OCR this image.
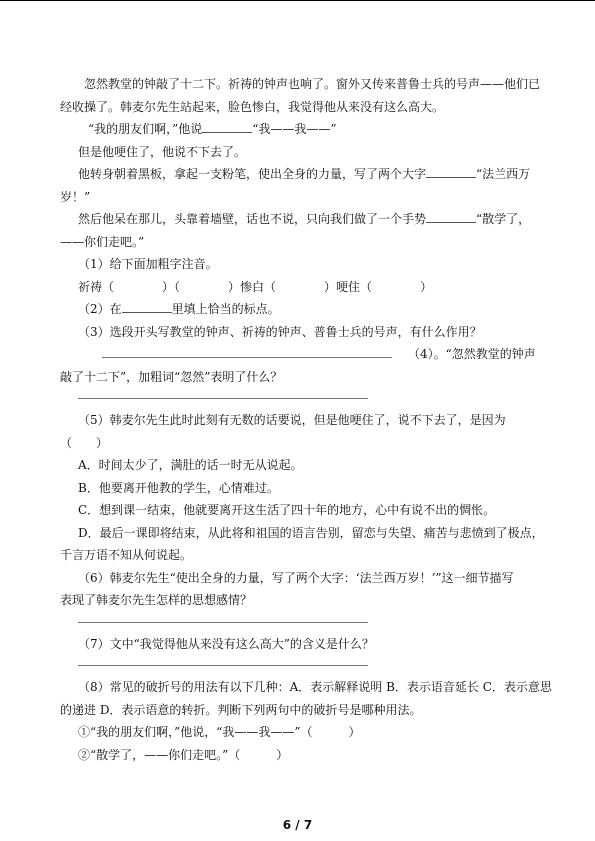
忽然教堂的钟敲了十二下。祈祷的钟声也响了。窗外又传来普鲁士兵的号声——他们已

经收操了。韩麦尔先生站起来，脸色惨白，我觉得他从来没有这么高大。

“我的朋友们啊，”他说	“我——我——”

但是他哽住了，他说不下去了。

他转身朝着黑板，拿起一支粉笔，使出全身的力量，写了两个大字	“法兰西万

岁！”

然后他呆在那儿，头靠着墙壁，话也不说，只向我们做了一个手势	“散学了，

——你们走吧。”

（1）给下面加粗字注音。

祈祷（	）（	）惨白（	）哽住（	）

（2）在	里填上恰当的标点。

（3）选段开头写教堂的钟声、祈祷的钟声、普鲁士兵的号声，有什么作用？

（4）。“忽然教堂的钟声

敲了十二下”，加粗词“忽然”表明了什么？

（5）韩麦尔先生此时此刻有无数的话要说，但是他哽住了，说不下去了，是因为

（　　）

A．时间太少了，满肚的话一时无从说起。

B．他要离开他教的学生，心情难过。

C．想到课一结束，他就要离开这生活了四十年的地方，心中有说不出的惆怅。

D．最后一课即将结束，从此将和祖国的语言告别，留恋与失望、痛苦与悲愤到了极点，

千言万语不知从何说起。

（6）韩麦尔先生“使出全身的力量，写了两个大字：‘法兰西万岁！’”这一细节描写

表现了韩麦尔先生怎样的思想感情？

（7）文中“我觉得他从来没有这么高大”的含义是什么？

（8）常见的破折号的用法有以下几种：A．表示解释说明 B．表示语音延长 C．表示意思

的递进 D．表示语意的转折。判断下列两句中的破折号是哪种用法。

①“我的朋友们啊，”他说，“我——我——”（　　　）

②“散学了，——你们走吧。”（　　　）

6 / 7
